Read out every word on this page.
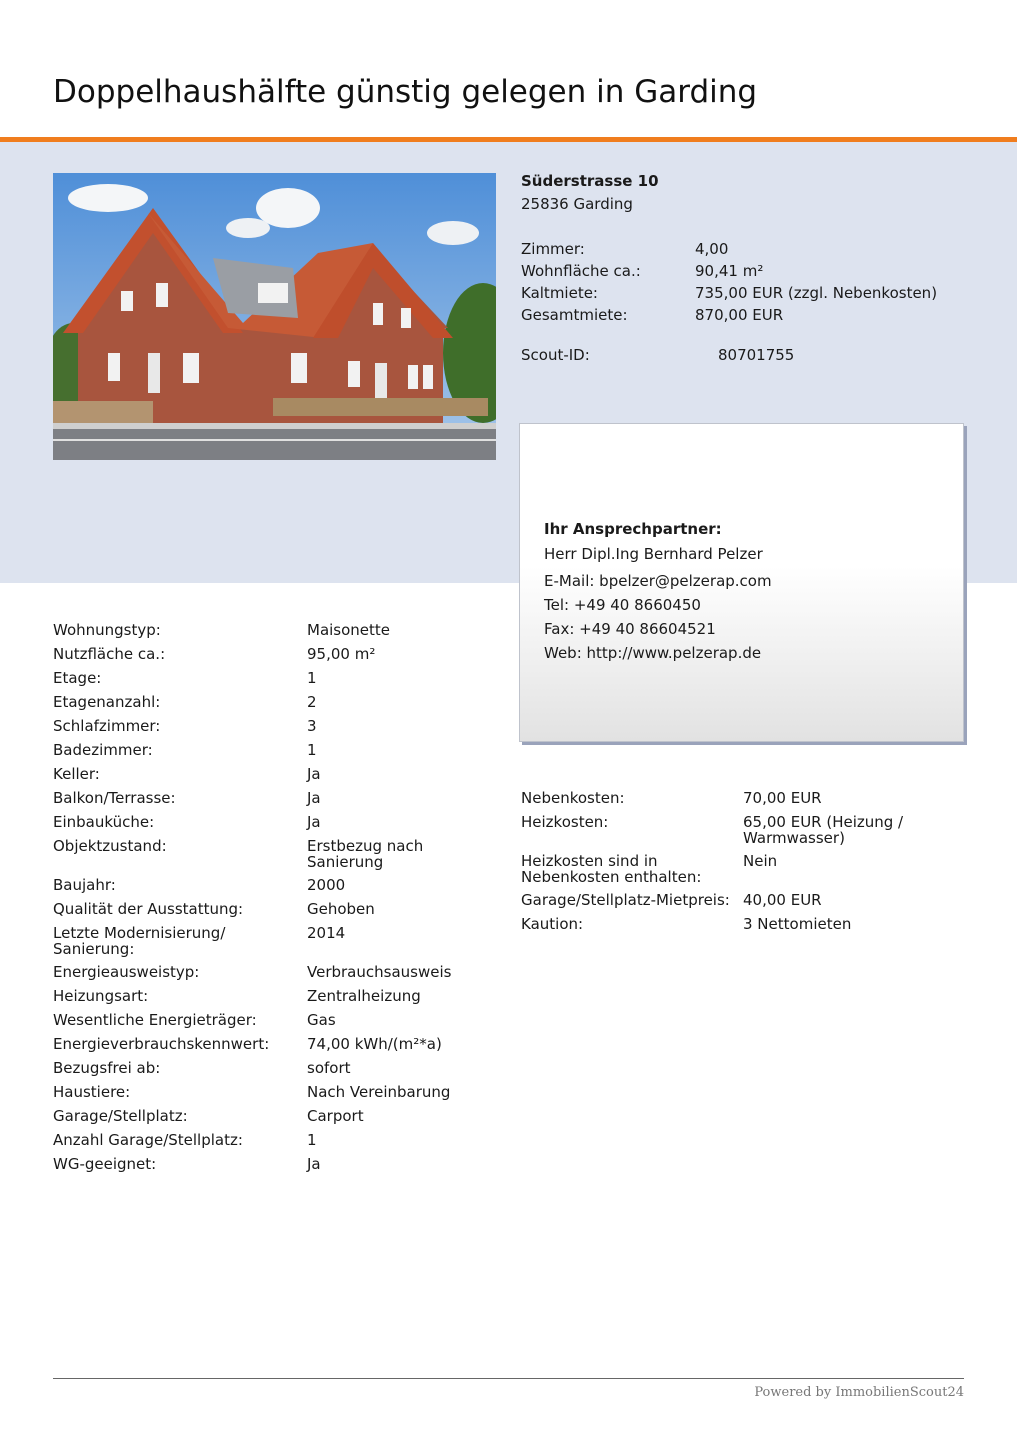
Doppelhaushälfte günstig gelegen in Garding
Süderstrasse 10
25836 Garding
Zimmer:	4,00
Wohnfläche ca.:	90,41 m²
Kaltmiete:	735,00 EUR (zzgl. Nebenkosten)
Gesamtmiete:	870,00 EUR
Scout-ID:	80701755
Ihr Ansprechpartner:
Herr Dipl.Ing Bernhard Pelzer
E-Mail: bpelzer@pelzerap.com
Tel: +49 40 8660450
Fax: +49 40 86604521
Web: http://www.pelzerap.de
Wohnungstyp:	Maisonette
Nutzfläche ca.:	95,00 m²
Etage:	1
Etagenanzahl:	2
Schlafzimmer:	3
Badezimmer:	1
Keller:	Ja
Balkon/Terrasse:	Ja
Einbauküche:	Ja
Objektzustand:	Erstbezug nach
Sanierung
Baujahr:	2000
Qualität der Ausstattung:	Gehoben
Letzte Modernisierung/
Sanierung:
2014
Energieausweistyp:	Verbrauchsausweis
Heizungsart:	Zentralheizung
Wesentliche Energieträger:	Gas
Energieverbrauchskennwert:	74,00 kWh/(m²*a)
Bezugsfrei ab:	sofort
Haustiere:	Nach Vereinbarung
Garage/Stellplatz:	Carport
Anzahl Garage/Stellplatz:	1
WG-geeignet:	Ja
Nebenkosten:	70,00 EUR
Heizkosten:	65,00 EUR (Heizung /
Warmwasser)
Heizkosten sind in
Nebenkosten enthalten:
Nein
Garage/Stellplatz-Mietpreis: 40,00 EUR
Kaution:	3 Nettomieten
Powered by ImmobilienScout24
